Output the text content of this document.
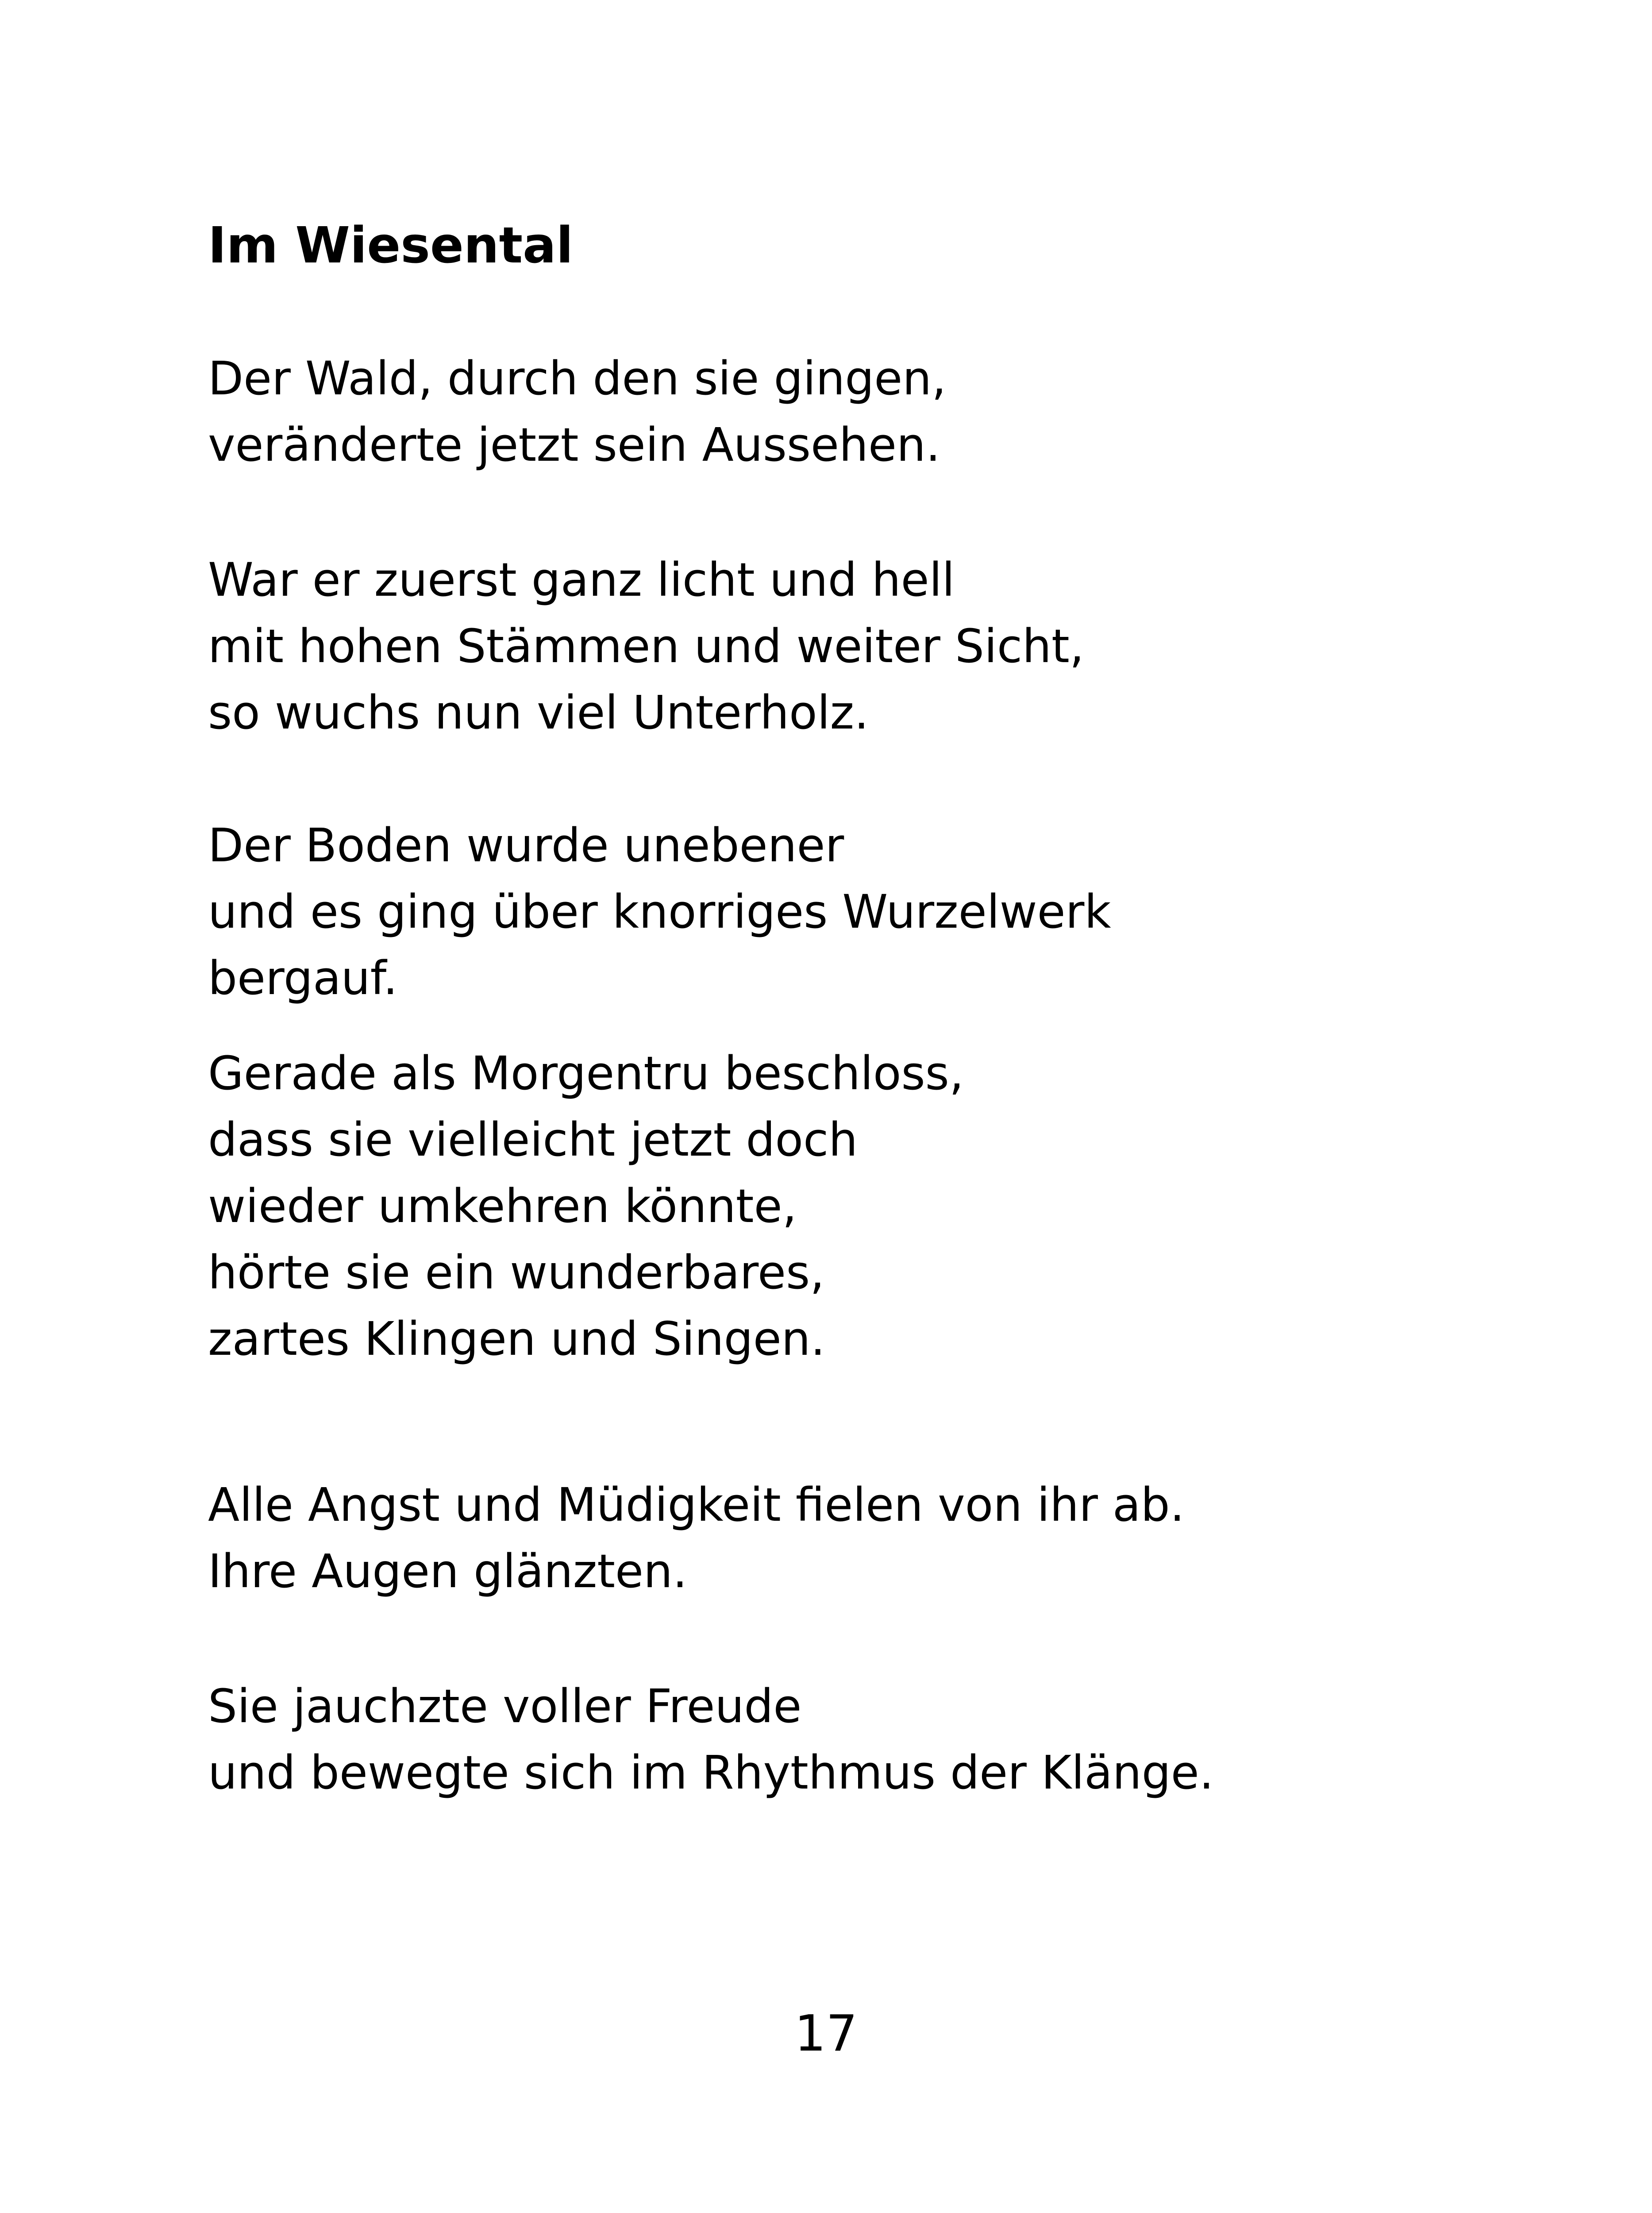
Im Wiesental
Der Wald, durch den sie gingen,
veränderte jetzt sein Aussehen.
War er zuerst ganz licht und hell
mit hohen Stämmen und weiter Sicht,
so wuchs nun viel Unterholz.
Der Boden wurde unebener
und es ging über knorriges Wurzelwerk
bergauf.
Gerade als Morgentru beschloss,
dass sie vielleicht jetzt doch
wieder umkehren könnte,
hörte sie ein wunderbares,
zartes Klingen und Singen.
Alle Angst und Müdigkeit fielen von ihr ab.
Ihre Augen glänzten.
Sie jauchzte voller Freude
und bewegte sich im Rhythmus der Klänge.
17
